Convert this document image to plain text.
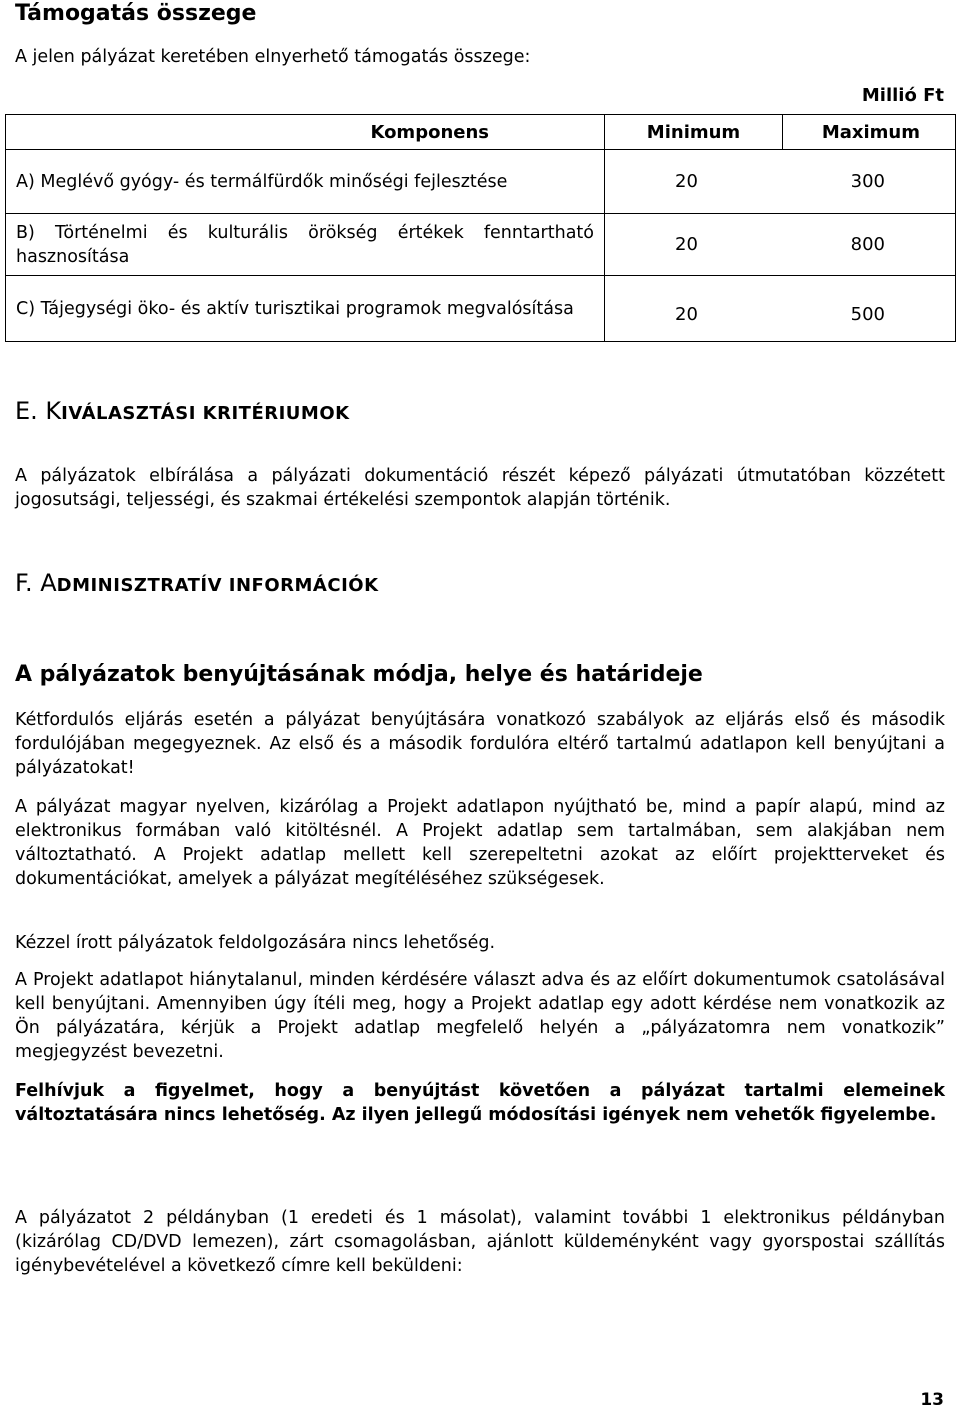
Támogatás összege
A jelen pályázat keretében elnyerhető támogatás összege:
Millió Ft
Komponens	Minimum	Maximum
A) Meglévő gyógy- és termálfürdők minőségi fejlesztése	20 300	

B) Történelmi és kulturális örökség értékek fenntartható hasznosítása	20 800	

C) Tájegységi öko- és aktív turisztikai programok megvalósítása	20 500	
E. KIVÁLASZTÁSI KRITÉRIUMOK
A pályázatok elbírálása a pályázati dokumentáció részét képező pályázati útmutatóban közzétett jogosutsági, teljességi, és szakmai értékelési szempontok alapján történik.
F. ADMINISZTRATÍV INFORMÁCIÓK
A pályázatok benyújtásának módja, helye és határideje
Kétfordulós eljárás esetén a pályázat benyújtására vonatkozó szabályok az eljárás első és második fordulójában megegyeznek. Az első és a második fordulóra eltérő tartalmú adatlapon kell benyújtani a pályázatokat!
A pályázat magyar nyelven, kizárólag a Projekt adatlapon nyújtható be, mind a papír alapú, mind az elektronikus formában való kitöltésnél. A Projekt adatlap sem tartalmában, sem alakjában nem változtatható. A Projekt adatlap mellett kell szerepeltetni azokat az előírt projektterveket és dokumentációkat, amelyek a pályázat megítéléséhez szükségesek.
Kézzel írott pályázatok feldolgozására nincs lehetőség.
A Projekt adatlapot hiánytalanul, minden kérdésére választ adva és az előírt dokumentumok csatolásával kell benyújtani. Amennyiben úgy ítéli meg, hogy a Projekt adatlap egy adott kérdése nem vonatkozik az Ön pályázatára, kérjük a Projekt adatlap megfelelő helyén a „pályázatomra nem vonatkozik” megjegyzést bevezetni.
Felhívjuk a figyelmet, hogy a benyújtást követően a pályázat tartalmi elemeinek változtatására nincs lehetőség. Az ilyen jellegű módosítási igények nem vehetők figyelembe.
A pályázatot 2 példányban (1 eredeti és 1 másolat), valamint további 1 elektronikus példányban (kizárólag CD/DVD lemezen), zárt csomagolásban, ajánlott küldeményként vagy gyorspostai szállítás igénybevételével a következő címre kell beküldeni:
13
